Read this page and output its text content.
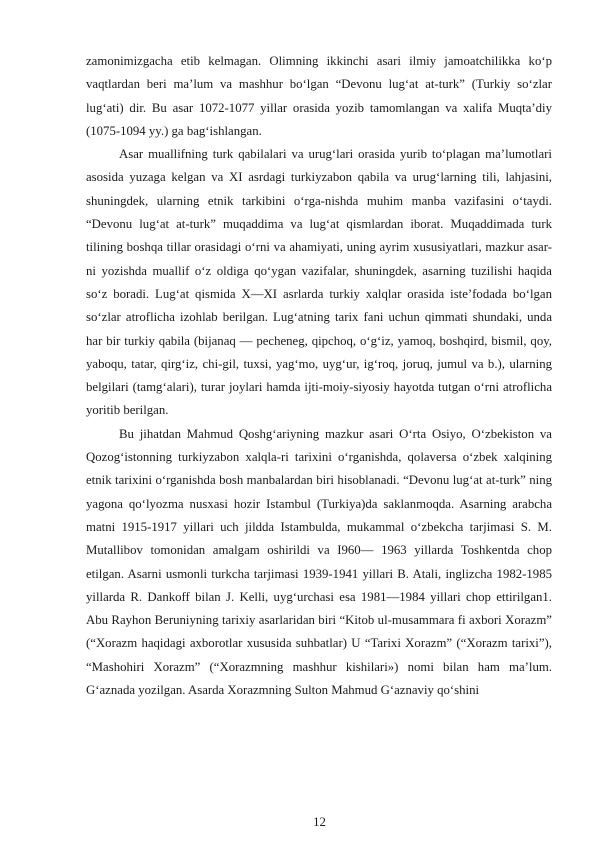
zamonimizgacha etib kelmagan. Olimning ikkinchi asari ilmiy jamoatchilikka ko‘p vaqtlardan beri ma’lum va mashhur bo‘lgan “Devonu lug‘at at-turk” (Turkiy so‘zlar lug‘ati) dir. Bu asar 1072-1077 yillar orasida yozib tamomlangan va xalifa Muqta’diy (1075-1094 yy.) ga bag‘ishlangan.

Asar muallifning turk qabilalari va urug‘lari orasida yurib to‘plagan ma’lumotlari asosida yuzaga kelgan va XI asrdagi turkiyzabon qabila va urug‘larning tili, lahjasini, shuningdek, ularning etnik tarkibini o‘rga-nishda muhim manba vazifasini o‘taydi. “Devonu lug‘at at-turk” muqaddima va lug‘at qismlardan iborat. Muqaddimada turk tilining boshqa tillar orasidagi o‘rni va ahamiyati, uning ayrim xususiyatlari, mazkur asar-ni yozishda muallif o‘z oldiga qo‘ygan vazifalar, shuningdek, asarning tuzilishi haqida so‘z boradi. Lug‘at qismida X—XI asrlarda turkiy xalqlar orasida iste’fodada bo‘lgan so‘zlar atroflicha izohlab berilgan. Lug‘atning tarix fani uchun qimmati shundaki, unda har bir turkiy qabila (bijanaq — pecheneg, qipchoq, o‘g‘iz, yamoq, boshqird, bismil, qoy, yaboqu, tatar, qirg‘iz, chi-gil, tuxsi, yag‘mo, uyg‘ur, ig‘roq, joruq, jumul va b.), ularning belgilari (tamg‘alari), turar joylari hamda ijti-moiy-siyosiy hayotda tutgan o‘rni atroflicha yoritib berilgan.

Bu jihatdan Mahmud Qoshg‘ariyning mazkur asari O‘rta Osiyo, O‘zbekiston va Qozog‘istonning turkiyzabon xalqla-ri tarixini o‘rganishda, qolaversa o‘zbek xalqining etnik tarixini o‘rganishda bosh manbalardan biri hisoblanadi. “Devonu lug‘at at-turk” ning yagona qo‘lyozma nusxasi hozir Istambul (Turkiya)da saklanmoqda. Asarning arabcha matni 1915-1917 yillari uch jildda Istambulda, mukammal o‘zbekcha tarjimasi S. M. Mutallibov tomonidan amalgam oshirildi va I960— 1963 yillarda Toshkentda chop etilgan. Asarni usmonli turkcha tarjimasi 1939-1941 yillari B. Atali, inglizcha 1982-1985 yillarda R. Dankoff bilan J. Kelli, uyg‘urchasi esa 1981—1984 yillari chop ettirilgan1. Abu Rayhon Beruniyning tarixiy asarlaridan biri “Kitob ul-musammara fi axbori Xorazm” (“Xorazm haqidagi axborotlar xususida suhbatlar) U “Tarixi Xorazm” (“Xorazm tarixi”), “Mashohiri Xorazm” (“Xorazmning mashhur kishilari») nomi bilan ham ma’lum. G‘aznada yozilgan. Asarda Xorazmning Sulton Mahmud G‘aznaviy qo‘shini

12
